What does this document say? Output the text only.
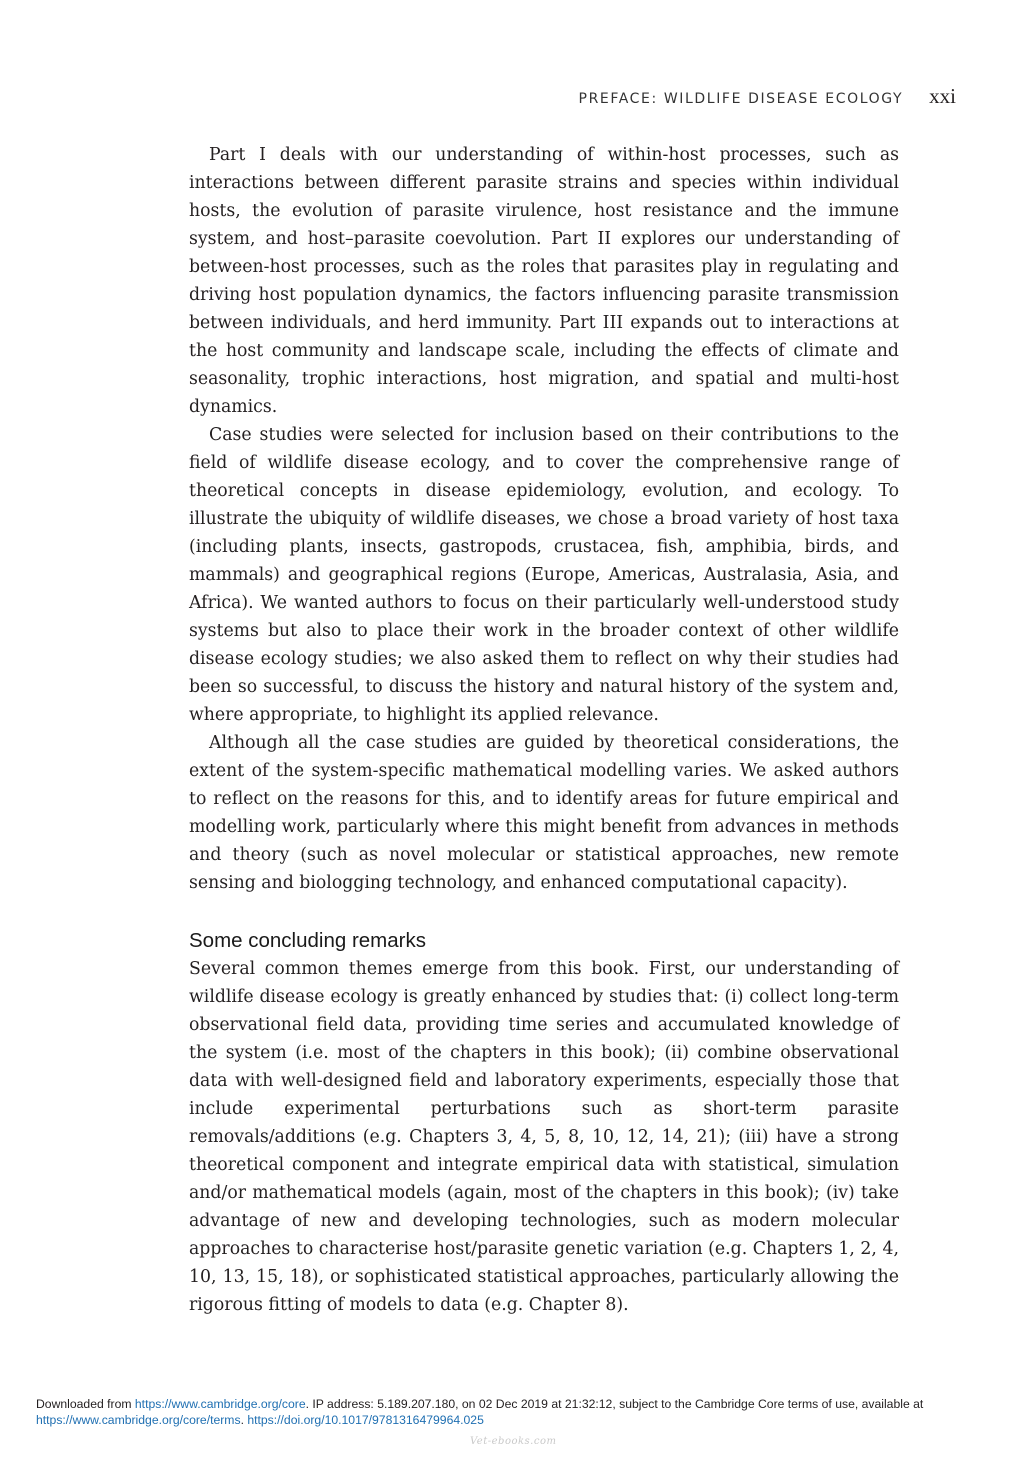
PREFACE: WILDLIFE DISEASE ECOLOGY xxi

Part I deals with our understanding of within-host processes, such as interactions between different parasite strains and species within individual hosts, the evolution of parasite virulence, host resistance and the immune system, and host–parasite coevolution. Part II explores our understanding of between-host processes, such as the roles that parasites play in regulating and driving host population dynamics, the factors influencing parasite transmission between individuals, and herd immunity. Part III expands out to interactions at the host community and landscape scale, including the effects of climate and seasonality, trophic interactions, host migration, and spatial and multi-host dynamics.

Case studies were selected for inclusion based on their contributions to the field of wildlife disease ecology, and to cover the comprehensive range of theoretical concepts in disease epidemiology, evolution, and ecology. To illustrate the ubiquity of wildlife diseases, we chose a broad variety of host taxa (including plants, insects, gastropods, crustacea, fish, amphibia, birds, and mammals) and geographical regions (Europe, Americas, Australasia, Asia, and Africa). We wanted authors to focus on their particularly well-understood study systems but also to place their work in the broader context of other wildlife disease ecology studies; we also asked them to reflect on why their studies had been so successful, to discuss the history and natural history of the system and, where appropriate, to highlight its applied relevance.

Although all the case studies are guided by theoretical considerations, the extent of the system-specific mathematical modelling varies. We asked authors to reflect on the reasons for this, and to identify areas for future empirical and modelling work, particularly where this might benefit from advances in methods and theory (such as novel molecular or statistical approaches, new remote sensing and biologging technology, and enhanced computational capacity).

Some concluding remarks

Several common themes emerge from this book. First, our understanding of wildlife disease ecology is greatly enhanced by studies that: (i) collect long-term observational field data, providing time series and accumulated knowledge of the system (i.e. most of the chapters in this book); (ii) combine observational data with well-designed field and laboratory experiments, especially those that include experimental perturbations such as short-term parasite removals/additions (e.g. Chapters 3, 4, 5, 8, 10, 12, 14, 21); (iii) have a strong theoretical component and integrate empirical data with statistical, simulation and/or mathematical models (again, most of the chapters in this book); (iv) take advantage of new and developing technologies, such as modern molecular approaches to characterise host/parasite genetic variation (e.g. Chapters 1, 2, 4, 10, 13, 15, 18), or sophisticated statistical approaches, particularly allowing the rigorous fitting of models to data (e.g. Chapter 8).

Downloaded from https://www.cambridge.org/core. IP address: 5.189.207.180, on 02 Dec 2019 at 21:32:12, subject to the Cambridge Core terms of use, available at
https://www.cambridge.org/core/terms. https://doi.org/10.1017/9781316479964.025
Vet-ebooks.com
